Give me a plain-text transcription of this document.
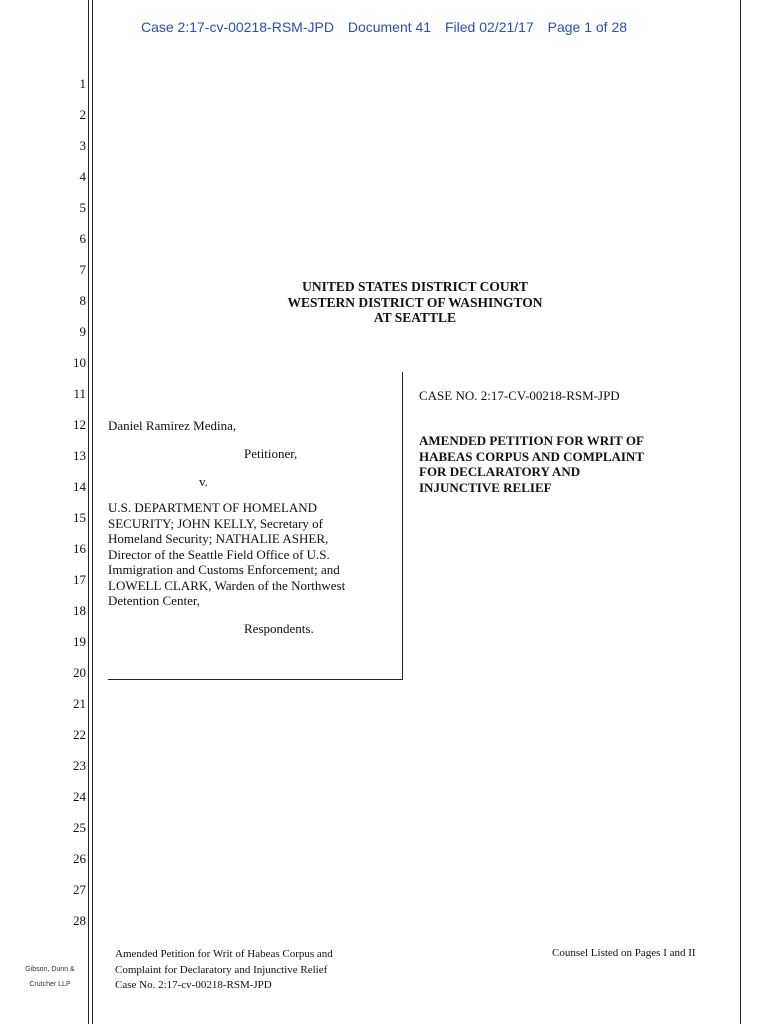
Case 2:17-cv-00218-RSM-JPD Document 41 Filed 02/21/17 Page 1 of 28
1
2
3
4
5
6
7
8
9
10
11
12
13
14
15
16
17
18
19
20
21
22
23
24
25
26
27
28
UNITED STATES DISTRICT COURT
WESTERN DISTRICT OF WASHINGTON
AT SEATTLE
Daniel Ramirez Medina,
Petitioner,
v.
U.S. DEPARTMENT OF HOMELAND
SECURITY; JOHN KELLY, Secretary of
Homeland Security; NATHALIE ASHER,
Director of the Seattle Field Office of U.S.
Immigration and Customs Enforcement; and
LOWELL CLARK, Warden of the Northwest
Detention Center,
Respondents.
CASE NO. 2:17-CV-00218-RSM-JPD
AMENDED PETITION FOR WRIT OF
HABEAS CORPUS AND COMPLAINT
FOR DECLARATORY AND
INJUNCTIVE RELIEF
Amended Petition for Writ of Habeas Corpus and
Complaint for Declaratory and Injunctive Relief
Case No. 2:17-cv-00218-RSM-JPD
Counsel Listed on Pages I and II
Gibson, Dunn &
Crutcher LLP
